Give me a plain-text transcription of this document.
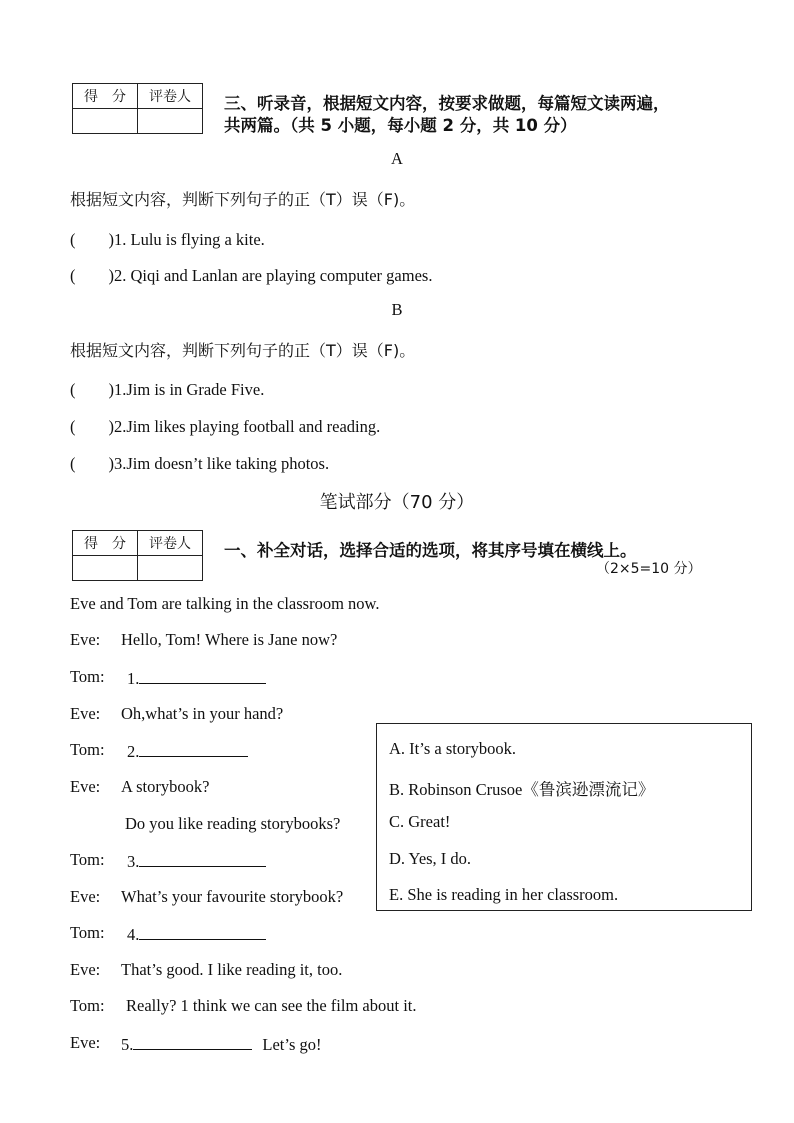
得　分	评卷人
	三、听录音，根据短文内容，按要求做题，每篇短文读两遍，
共两篇。（共 5 小题，每小题 2 分，共 10 分）
A
根据短文内容，判断下列句子的正（T）误（F)。
(　　)1. Lulu is flying a kite.
(　　)2. Qiqi and Lanlan are playing computer games.
B
根据短文内容，判断下列句子的正（T）误（F)。
(　　)1.Jim is in Grade Five.
(　　)2.Jim likes playing football and reading.
(　　)3.Jim doesn’t like taking photos.
笔试部分（70 分）
得　分	评卷人
	一、补全对话，选择合适的选项，将其序号填在横线上。
（2×5=10 分）
Eve and Tom are talking in the classroom now.
Eve: Hello, Tom! Where is Jane now?
Tom: 1.
Eve: Oh,what’s in your hand?
Tom: 2.
Eve: A storybook?
Do you like reading storybooks?
Tom: 3.
Eve: What’s your favourite storybook?
Tom: 4.
Eve: That’s good. I like reading it, too.
Tom: Really? 1 think we can see the film about it.
Eve: 5.	Let’s go!
A. It’s a storybook.
B. Robinson Crusoe《鲁滨逊漂流记》
C. Great!
D. Yes, I do.
E. She is reading in her classroom.
